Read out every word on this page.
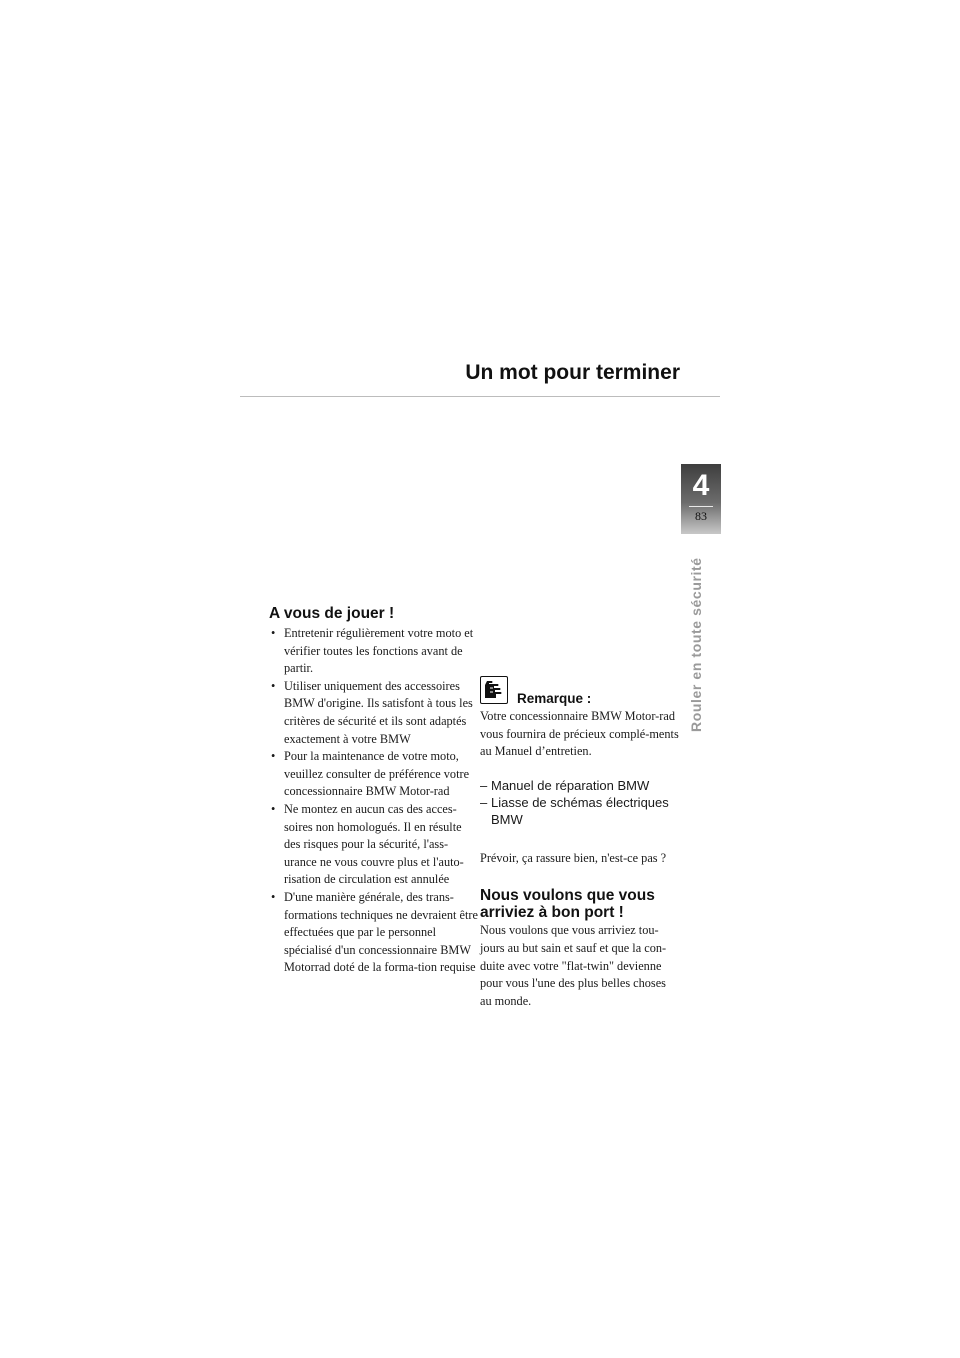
Un mot pour terminer
4
83
Rouler en toute sécurité
A vous de jouer !
• Entretenir régulièrement votre moto et vérifier toutes les fonctions avant de partir.
• Utiliser uniquement des accessoires BMW d'origine. Ils satisfont à tous les critères de sécurité et ils sont adaptés exactement à votre BMW
• Pour la maintenance de votre moto, veuillez consulter de préférence votre concessionnaire BMW Motor-rad
• Ne montez en aucun cas des acces-soires non homologués. Il en résulte des risques pour la sécurité, l'ass-urance ne vous couvre plus et l'auto-risation de circulation est annulée
• D'une manière générale, des trans-formations techniques ne devraient être effectuées que par le personnel spécialisé d'un concessionnaire BMW Motorrad doté de la forma-tion requise
Remarque :

Votre concessionnaire BMW Motor-rad vous fournira de précieux complé-ments au Manuel d’entretien.

– Manuel de réparation BMW
– Liasse de schémas électriques BMW

Prévoir, ça rassure bien, n'est-ce pas ?

Nous voulons que vous arriviez à bon port !

Nous voulons que vous arriviez tou-jours au but sain et sauf et que la con-duite avec votre "flat-twin" devienne pour vous l'une des plus belles choses au monde.
